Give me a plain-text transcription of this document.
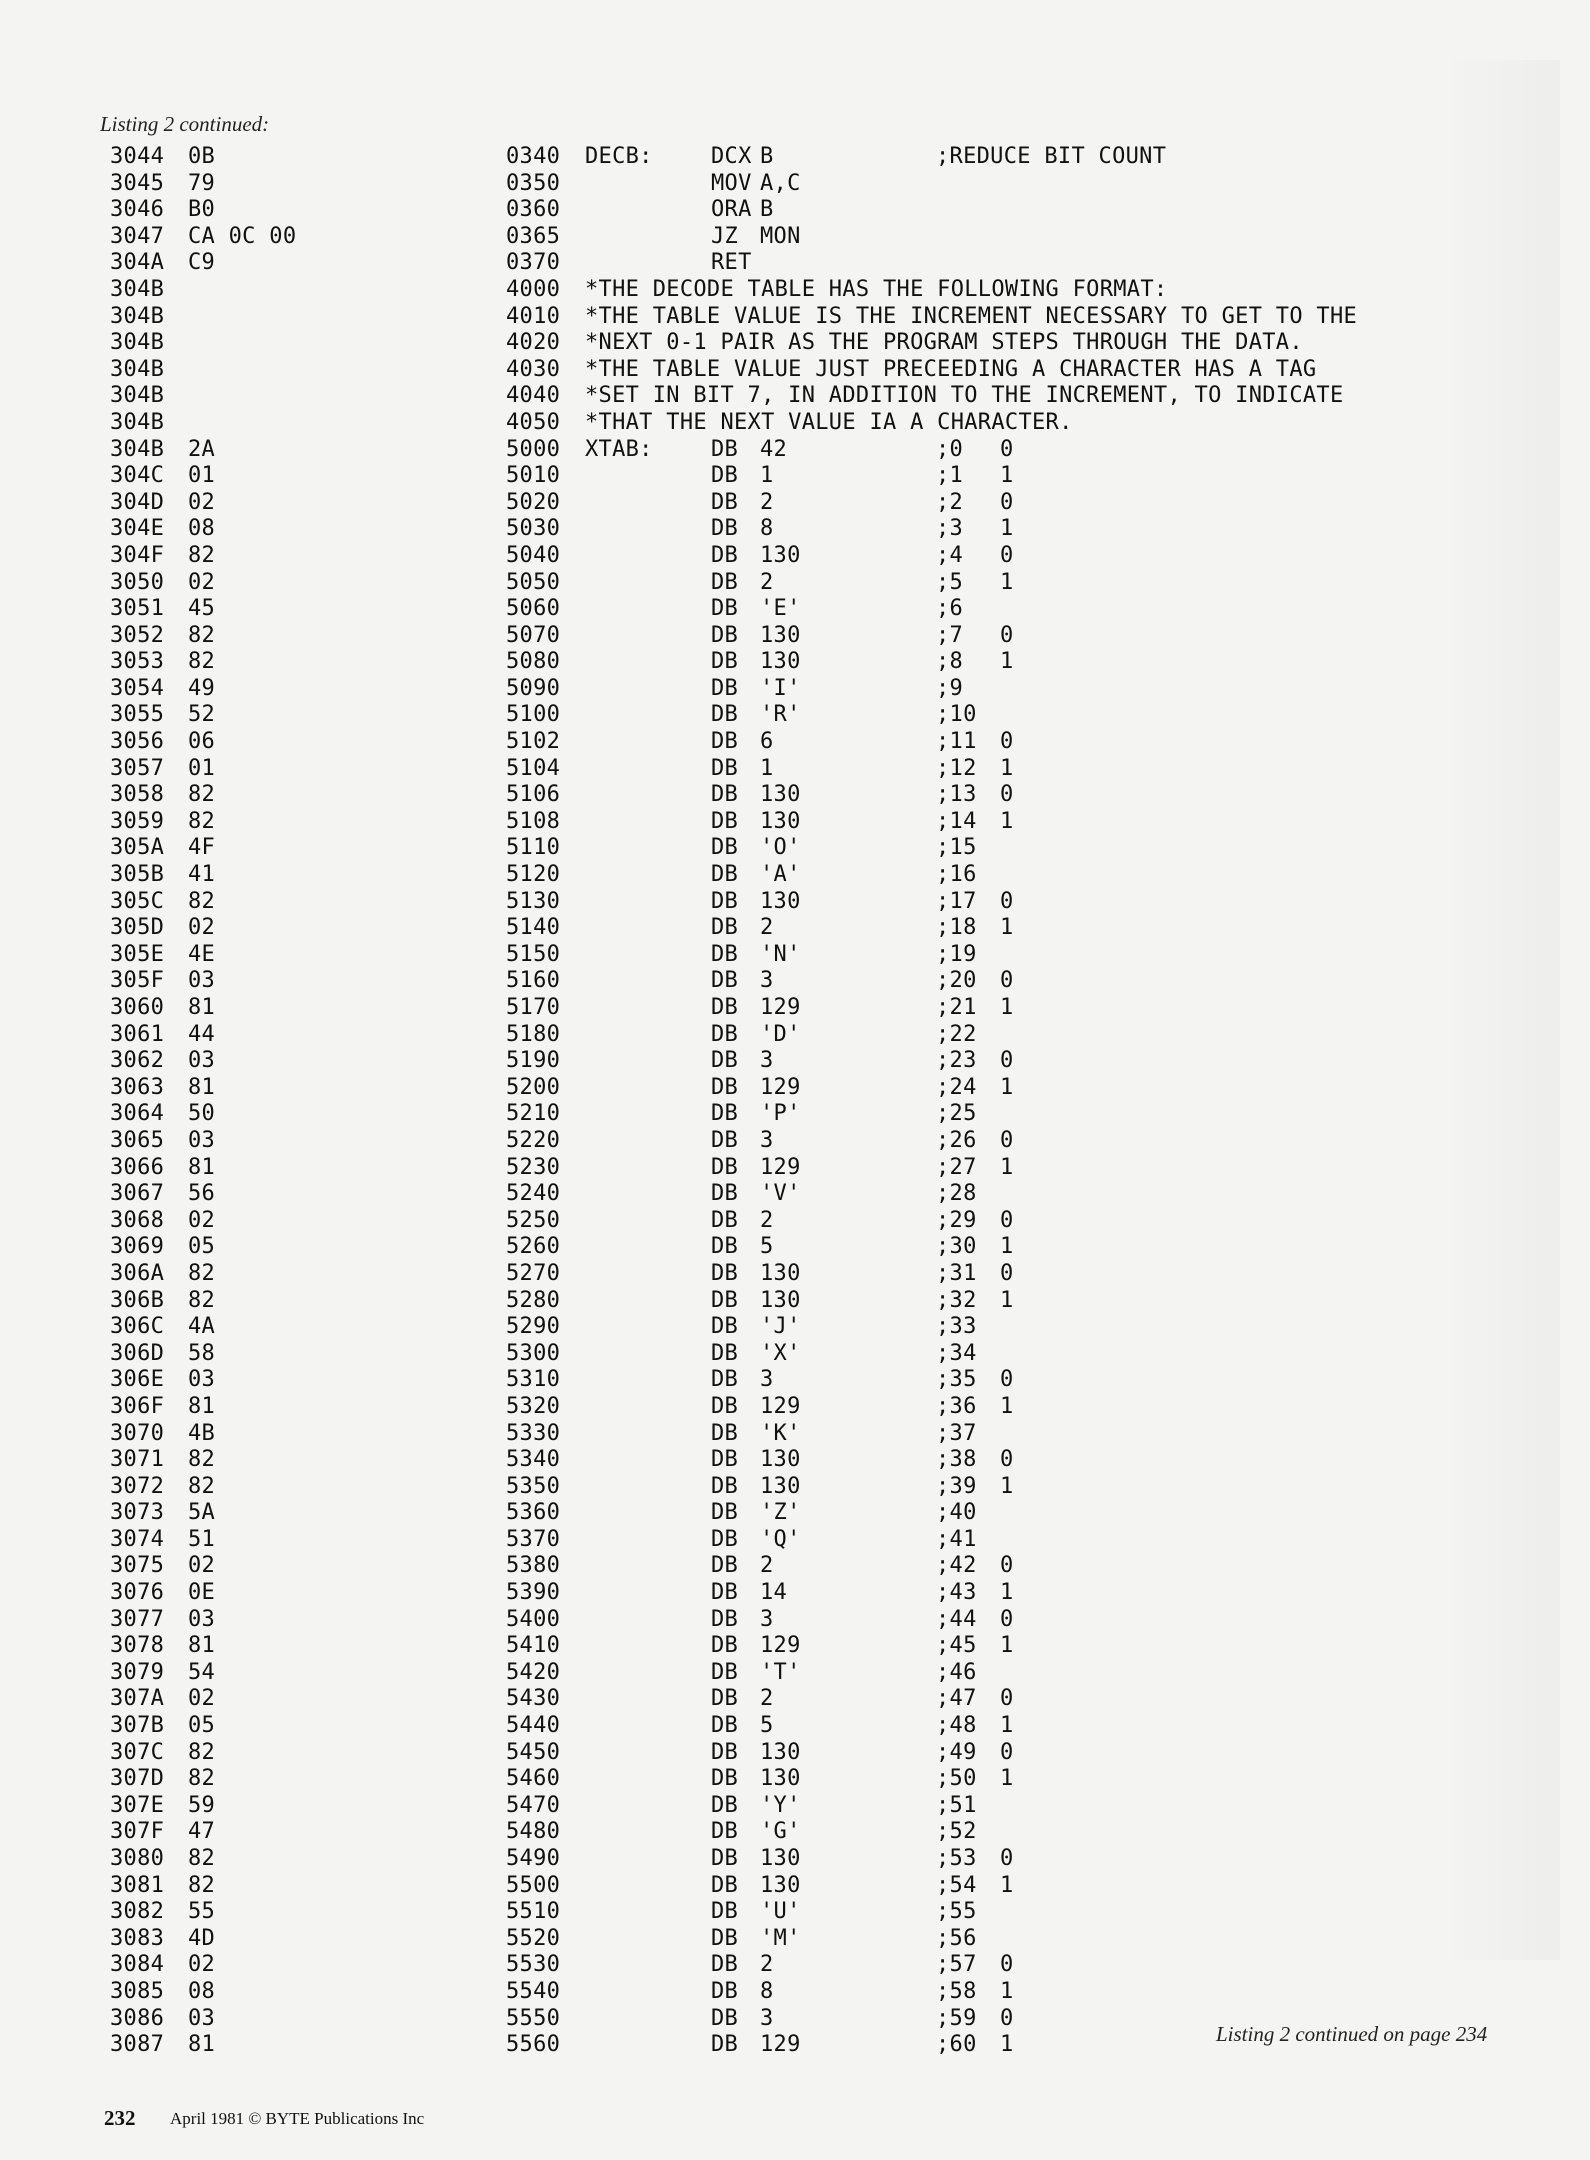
Listing 2 continued:
3044 0B	0340 DECB:	DCX B	;REDUCE BIT COUNT
3045 79	0350	MOV A,C
3046 B0	0360	ORA B
3047 CA 0C 00	0365	JZ MON
304A C9	0370	RET
304B	4000 *THE DECODE TABLE HAS THE FOLLOWING FORMAT:
304B	4010 *THE TABLE VALUE IS THE INCREMENT NECESSARY TO GET TO THE
304B	4020 *NEXT 0-1 PAIR AS THE PROGRAM STEPS THROUGH THE DATA.
304B	4030 *THE TABLE VALUE JUST PRECEEDING A CHARACTER HAS A TAG
304B	4040 *SET IN BIT 7, IN ADDITION TO THE INCREMENT, TO INDICATE
304B	4050 *THAT THE NEXT VALUE IA A CHARACTER.
304B 2A	5000 XTAB:	DB 42	;0 0
304C 01	5010	DB 1	;1 1
304D 02	5020	DB 2	;2 0
304E 08	5030	DB 8	;3 1
304F 82	5040	DB 130	;4 0
3050 02	5050	DB 2	;5 1
3051 45	5060	DB 'E'	;6
3052 82	5070	DB 130	;7 0
3053 82	5080	DB 130	;8 1
3054 49	5090	DB 'I'	;9
3055 52	5100	DB 'R'	;10
3056 06	5102	DB 6	;11 0
3057 01	5104	DB 1	;12 1
3058 82	5106	DB 130	;13 0
3059 82	5108	DB 130	;14 1
305A 4F	5110	DB 'O'	;15
305B 41	5120	DB 'A'	;16
305C 82	5130	DB 130	;17 0
305D 02	5140	DB 2	;18 1
305E 4E	5150	DB 'N'	;19
305F 03	5160	DB 3	;20 0
3060 81	5170	DB 129	;21 1
3061 44	5180	DB 'D'	;22
3062 03	5190	DB 3	;23 0
3063 81	5200	DB 129	;24 1
3064 50	5210	DB 'P'	;25
3065 03	5220	DB 3	;26 0
3066 81	5230	DB 129	;27 1
3067 56	5240	DB 'V'	;28
3068 02	5250	DB 2	;29 0
3069 05	5260	DB 5	;30 1
306A 82	5270	DB 130	;31 0
306B 82	5280	DB 130	;32 1
306C 4A	5290	DB 'J'	;33
306D 58	5300	DB 'X'	;34
306E 03	5310	DB 3	;35 0
306F 81	5320	DB 129	;36 1
3070 4B	5330	DB 'K'	;37
3071 82	5340	DB 130	;38 0
3072 82	5350	DB 130	;39 1
3073 5A	5360	DB 'Z'	;40
3074 51	5370	DB 'Q'	;41
3075 02	5380	DB 2	;42 0
3076 0E	5390	DB 14	;43 1
3077 03	5400	DB 3	;44 0
3078 81	5410	DB 129	;45 1
3079 54	5420	DB 'T'	;46
307A 02	5430	DB 2	;47 0
307B 05	5440	DB 5	;48 1
307C 82	5450	DB 130	;49 0
307D 82	5460	DB 130	;50 1
307E 59	5470	DB 'Y'	;51
307F 47	5480	DB 'G'	;52
3080 82	5490	DB 130	;53 0
3081 82	5500	DB 130	;54 1
3082 55	5510	DB 'U'	;55
3083 4D	5520	DB 'M'	;56
3084 02	5530	DB 2	;57 0
3085 08	5540	DB 8	;58 1
3086 03	5550	DB 3	;59 0
3087 81	5560	DB 129	;60 1	Listing 2 continued on page 234
232 April 1981 © BYTE Publications Inc
